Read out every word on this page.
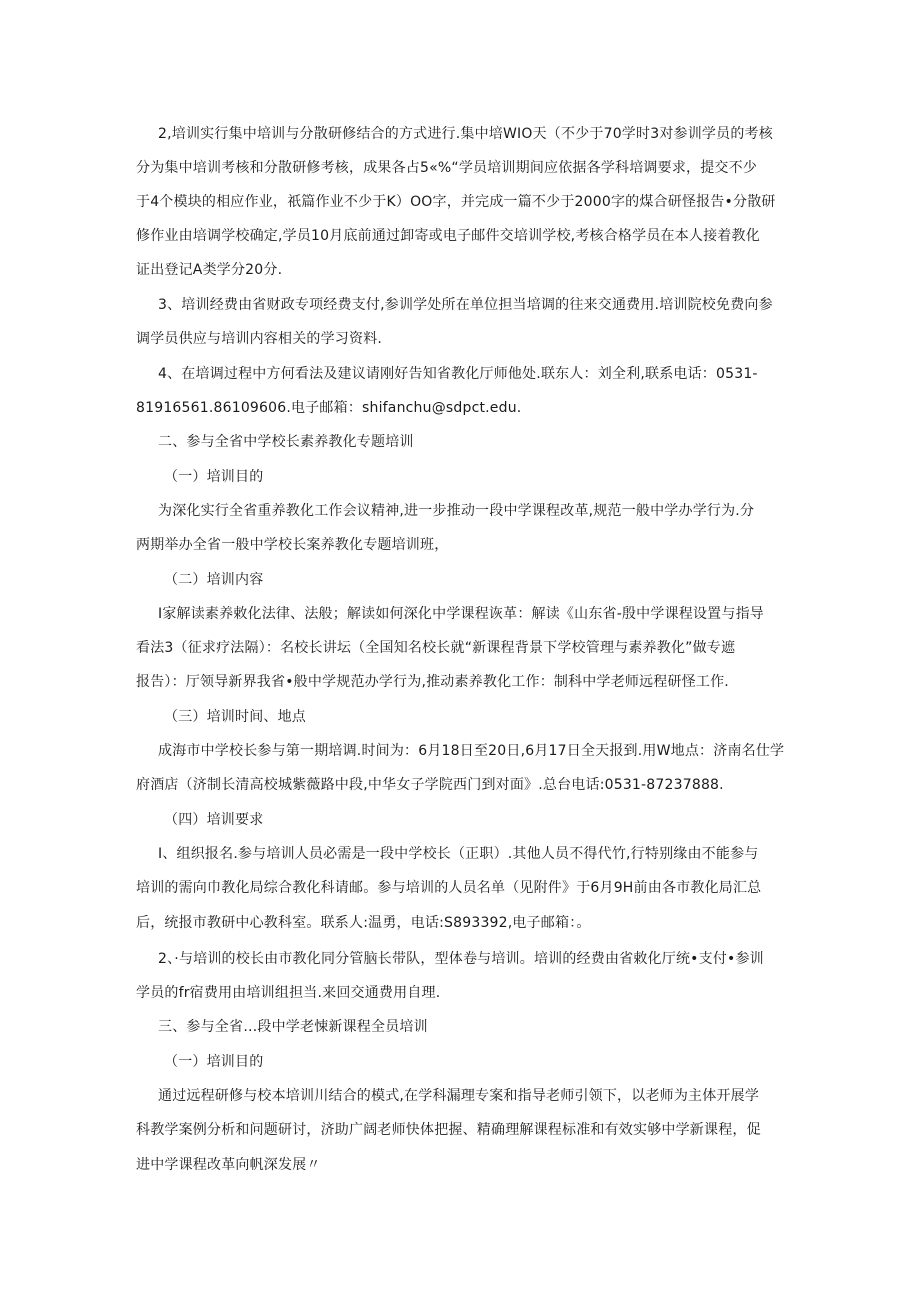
2,培训实行集中培训与分散研修结合的方式进行.集中培WIO天（不少于70学时3对参训学员的考核
分为集中培训考核和分散研修考核，成果各占5«%“学员培训期间应依据各学科培调要求，提交不少
于4个模块的相应作业，祇篇作业不少于K）OO字，并完成一篇不少于2000字的煤合研怪报告•分散研
修作业由培调学校确定,学员10月底前通过卸寄或电子邮件交培训学校,考核合格学员在本人接着教化
证出登记A类学分20分.
3、培训经费由省财政专项经费支付,参训学处所在单位担当培调的往来交通费用.培训院校免费向参
调学员供应与培训内容相关的学习资料.
4、在培调过程中方何看法及建议请刚好告知省教化厅师他处.联东人：刘全利,联系电话：0531-
81916561.86109606.电子邮箱：shifanchu@sdpct.edu.
二、参与全省中学校长素养教化专题培训
（一）培训目的
为深化实行全省重养教化工作会议精神,进一步推动一段中学课程改革,规范一般中学办学行为.分
两期举办全省一般中学校长案养教化专题培训班，
（二）培训内容
I家解读素养敕化法律、法般；解读如何深化中学课程诙革：解读《山东省-殷中学课程设置与指导
看法3（征求疗法隔）：名校长讲坛（全国知名校长就“新课程背景下学校管理与素养教化”做专遮
报告）：厅领导新界我省•般中学规范办学行为,推动素养教化工作：制科中学老师远程研怪工作.
（三）培训时间、地点
成海市中学校长参与第一期培调.时间为：6月18日至20日,6月17日全天报到.用W地点：济南名仕学
府酒店（济制长清高校城紫薇路中段,中华女子学院西门到对面》.总台电话:0531-87237888.
（四）培训要求
I、组织报名.参与培训人员必需是一段中学校长（正职）.其他人员不得代竹,行特别缘由不能参与
培训的需向巾教化局综合教化科请邮。参与培训的人员名单（见附件》于6月9H前由各市教化局汇总
后，统报市教研中心教科室。联系人:温勇，电话:S893392,电子邮箱：。
2、·与培训的校长由市教化同分管脑长带队，型体卷与培训。培训的经费由省敕化厅统•支付•参训
学员的fr宿费用由培训组担当.来回交通费用自理.
三、参与全省…段中学老悚新课程全员培训
（一）培训目的
通过远程研修与校本培训川结合的模式,在学科漏理专案和指导老师引领下，以老师为主体开展学
科教学案例分析和问题研讨，济助广阔老师快体把握、精确理解课程标准和有效实够中学新课程，促
进中学课程改革向帆深发展〃
